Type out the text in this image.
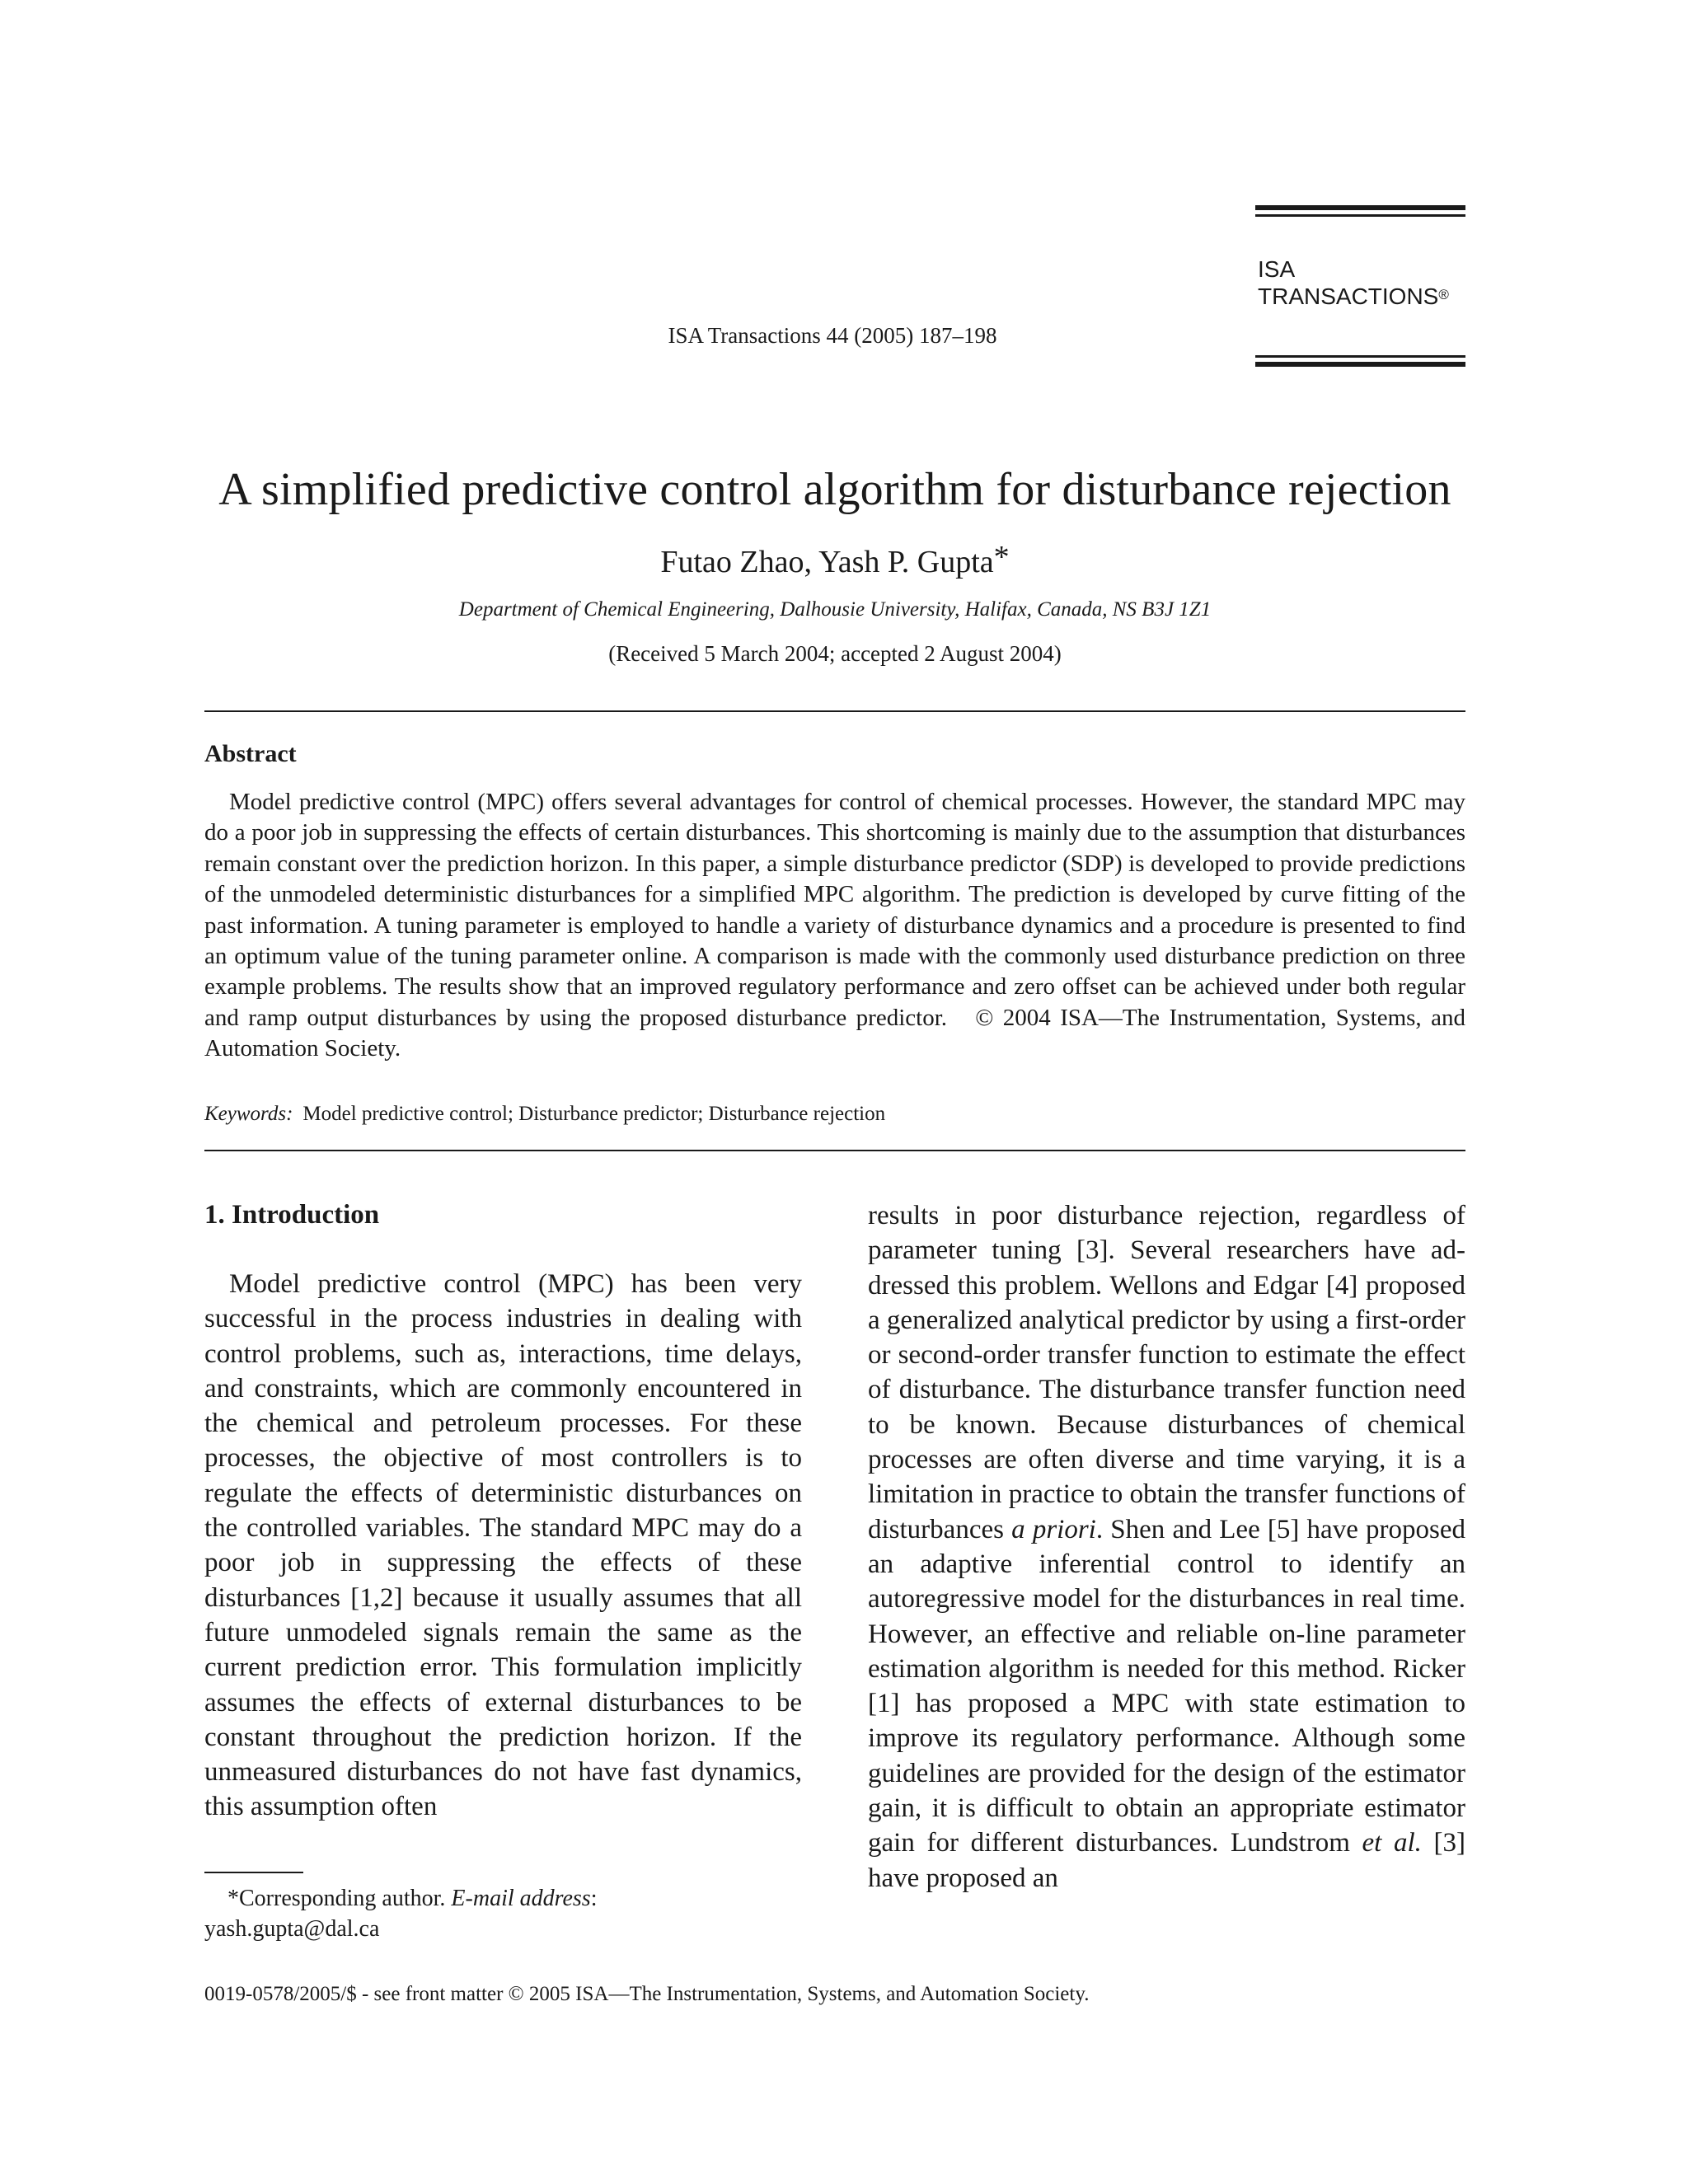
ISA
TRANSACTIONS®
ISA Transactions 44 (2005) 187–198
A simplified predictive control algorithm for disturbance rejection
Futao Zhao, Yash P. Gupta*
Department of Chemical Engineering, Dalhousie University, Halifax, Canada, NS B3J 1Z1
(Received 5 March 2004; accepted 2 August 2004)
Abstract

Model predictive control (MPC) offers several advantages for control of chemical processes. However, the standard MPC may do a poor job in suppressing the effects of certain disturbances. This shortcoming is mainly due to the assumption that disturbances remain constant over the prediction horizon. In this paper, a simple disturbance predictor (SDP) is developed to provide predictions of the unmodeled deterministic disturbances for a simplified MPC algorithm. The prediction is developed by curve fitting of the past information. A tuning parameter is employed to handle a variety of disturbance dynamics and a procedure is presented to find an optimum value of the tuning parameter online. A comparison is made with the commonly used disturbance prediction on three example problems. The results show that an improved regulatory performance and zero offset can be achieved under both regular and ramp output disturbances by using the proposed disturbance predictor. © 2004 ISA—The Instrumentation, Systems, and Automation Society.

Keywords: Model predictive control; Disturbance predictor; Disturbance rejection
1. Introduction

Model predictive control (MPC) has been very successful in the process industries in dealing with control problems, such as, interactions, time delays, and constraints, which are commonly encountered in the chemical and petroleum processes. For these processes, the objective of most controllers is to regulate the effects of deterministic disturbances on the controlled variables. The standard MPC may do a poor job in suppressing the effects of these disturbances [1,2] because it usually assumes that all future unmodeled signals remain the same as the current prediction error. This formulation implicitly assumes the effects of external disturbances to be constant throughout the prediction horizon. If the unmeasured disturbances do not have fast dynamics, this assumption often

results in poor disturbance rejection, regardless of parameter tuning [3]. Several researchers have addressed this problem. Wellons and Edgar [4] proposed a generalized analytical predictor by using a first-order or second-order transfer function to estimate the effect of disturbance. The disturbance transfer function need to be known. Because disturbances of chemical processes are often diverse and time varying, it is a limitation in practice to obtain the transfer functions of disturbances a priori. Shen and Lee [5] have proposed an adaptive inferential control to identify an autoregressive model for the disturbances in real time. However, an effective and reliable on-line parameter estimation algorithm is needed for this method. Ricker [1] has proposed a MPC with state estimation to improve its regulatory performance. Although some guidelines are provided for the design of the estimator gain, it is difficult to obtain an appropriate estimator gain for different disturbances. Lundstrom et al. [3] have proposed an

*Corresponding author. E-mail address:
yash.gupta@dal.ca
0019-0578/2005/$ - see front matter © 2005 ISA—The Instrumentation, Systems, and Automation Society.
